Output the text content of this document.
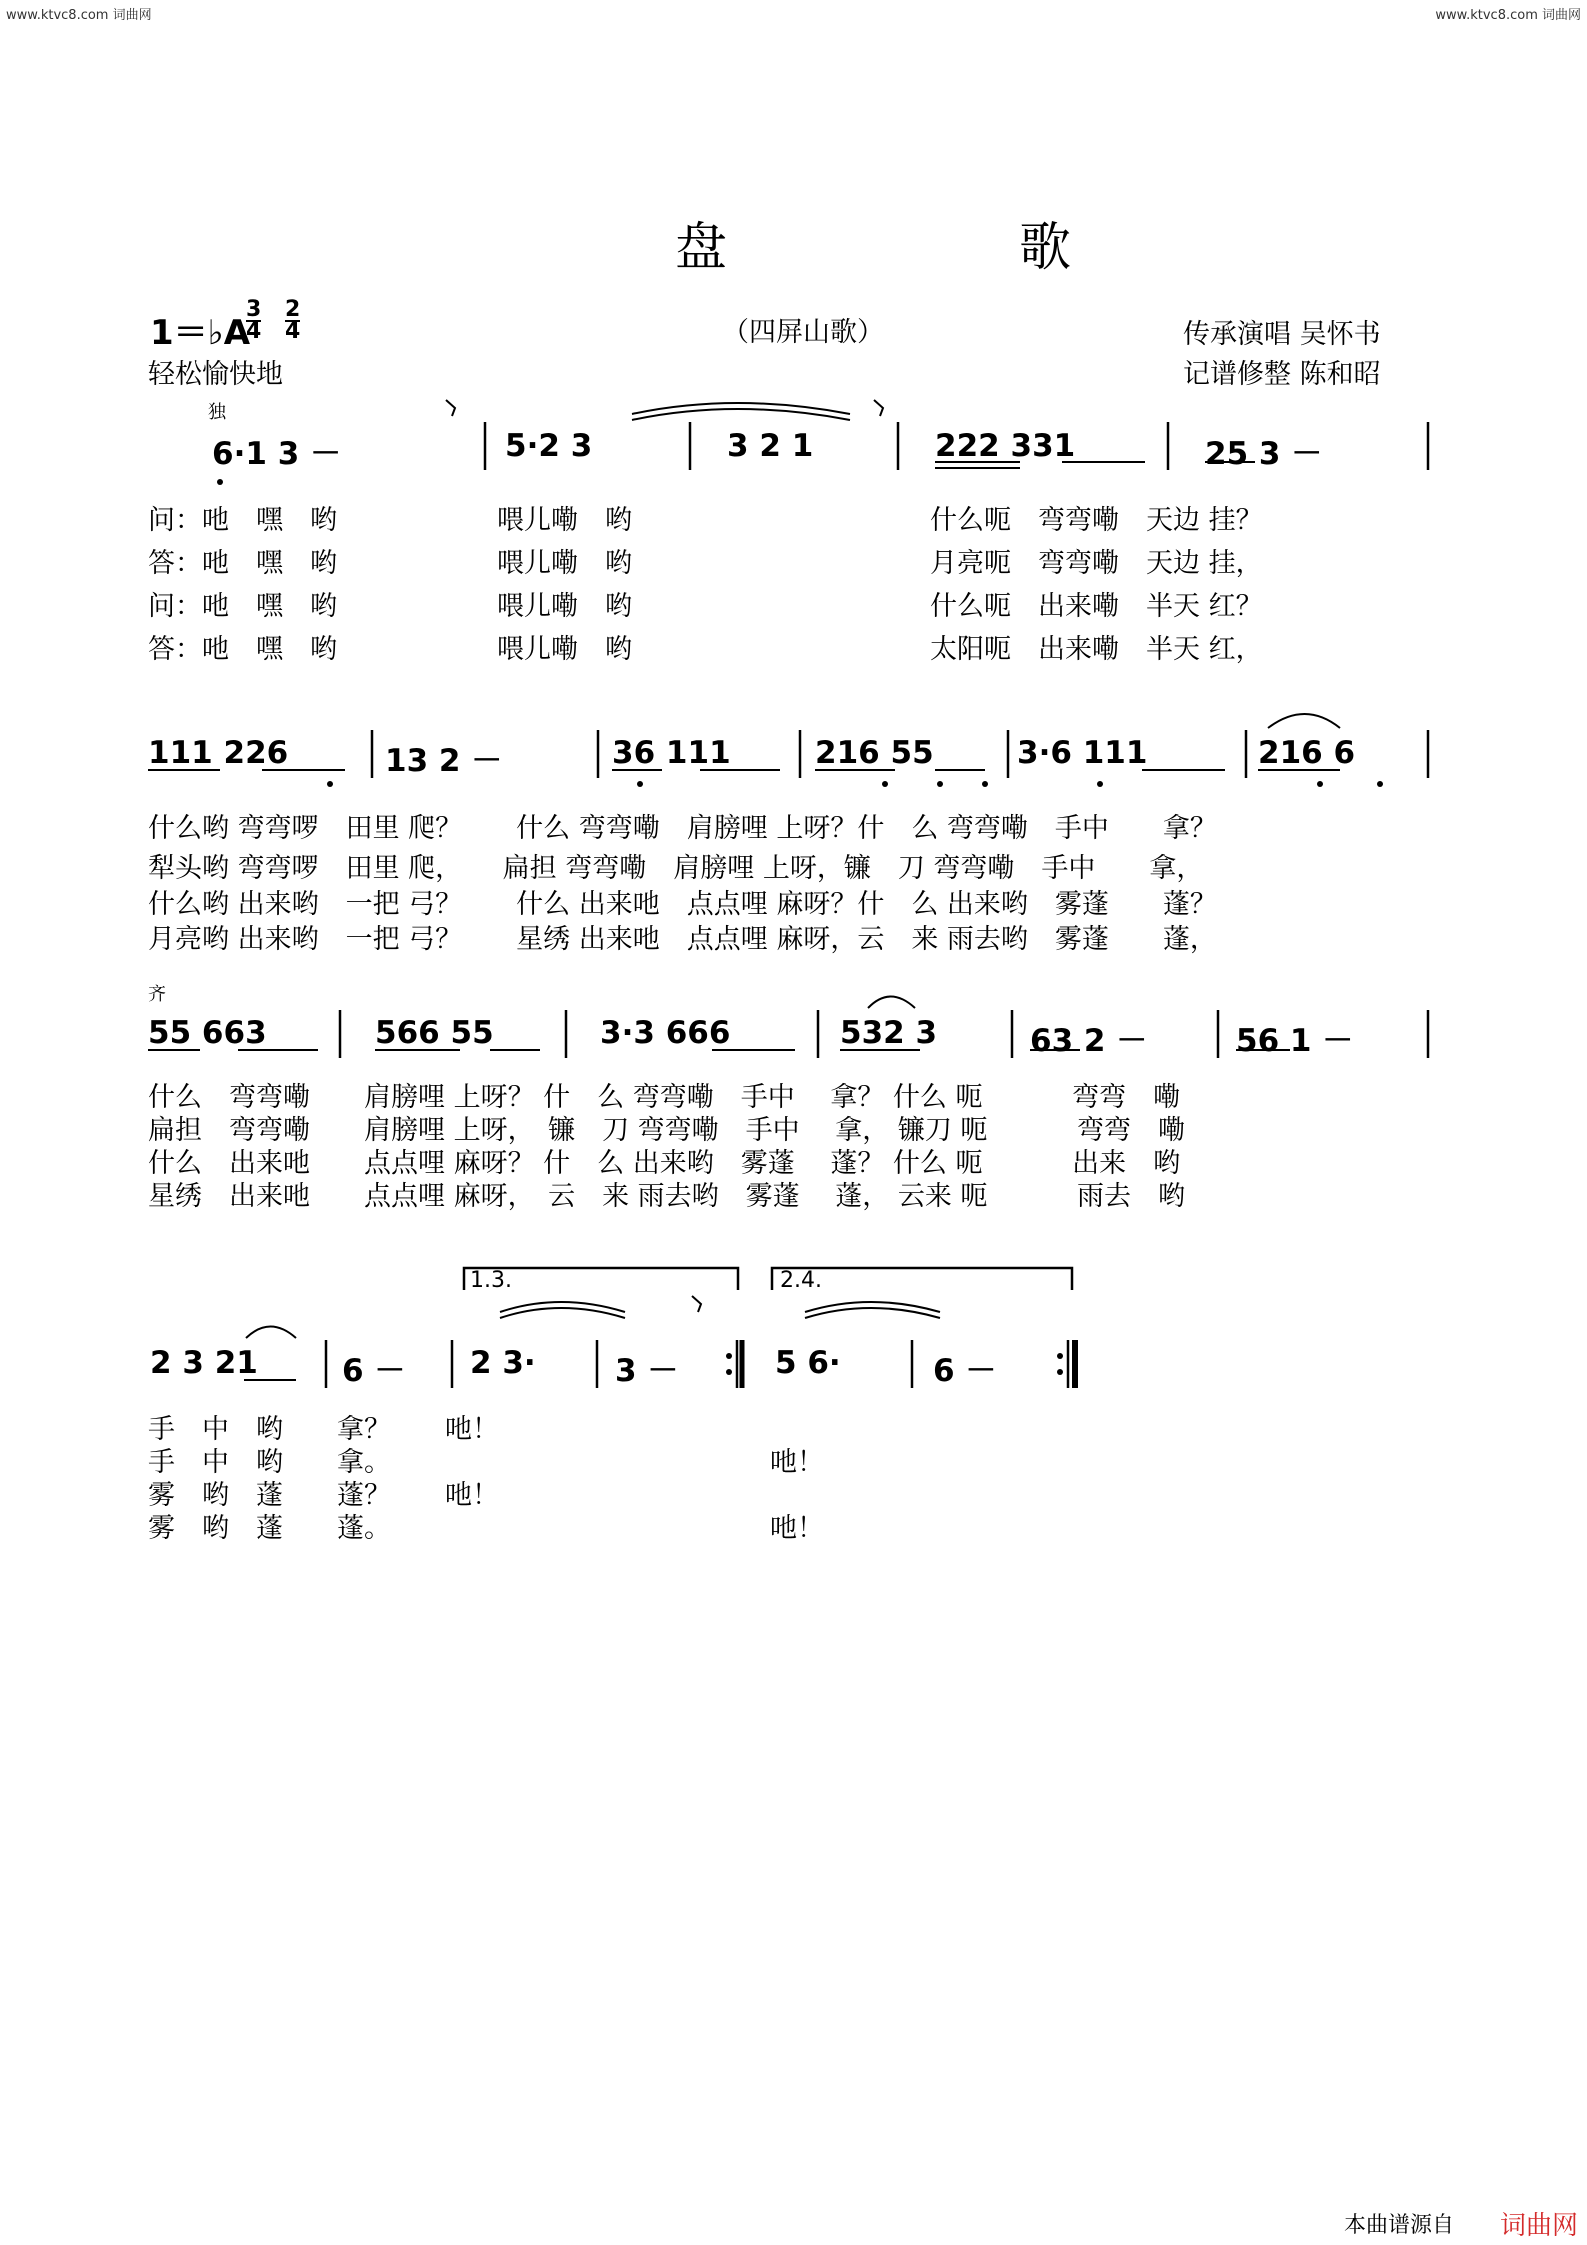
www.ktvc8.com 词曲网	www.ktvc8.com 词曲网
盘　歌
1＝♭A
3
4
2
4	（四屏山歌）	传承演唱 吴怀书
轻松愉快地	记谱修整 陈和昭
独
6·1 3 －	5·2 3	3 2 1	222 331	25 3 －
问：吔　嘿　哟	喂儿嘞　哟	什么呃　弯弯嘞　天边 挂？
答：吔　嘿　哟	喂儿嘞　哟	月亮呃　弯弯嘞　天边 挂，
问：吔　嘿　哟	喂儿嘞　哟	什么呃　出来嘞　半天 红？
答：吔　嘿　哟	喂儿嘞　哟	太阳呃　出来嘞　半天 红，
111 226	13 2 －	36 111	216 55	3·6 111	216 6
什么哟 弯弯啰　田里 爬？　　什么 弯弯嘞　肩膀哩 上呀？什　么 弯弯嘞　手中　　拿？
犁头哟 弯弯啰　田里 爬，　　扁担 弯弯嘞　肩膀哩 上呀，镰　刀 弯弯嘞　手中　　拿，
什么哟 出来哟　一把 弓？　　什么 出来吔　点点哩 麻呀？什　么 出来哟　雾蓬　　蓬？
月亮哟 出来哟　一把 弓？　　星绣 出来吔　点点哩 麻呀，云　来 雨去哟　雾蓬　　蓬，
齐
55 663	566 55	3·3 666	532 3	63 2 －	56 1 －
什么　弯弯嘞　　肩膀哩 上呀？ 什　么 弯弯嘞　手中　 拿？ 什么 呃　　　 弯弯　嘞
扁担　弯弯嘞　　肩膀哩 上呀，　镰　刀 弯弯嘞　手中　 拿， 镰刀 呃　　　 弯弯　嘞
什么　出来吔　　点点哩 麻呀？ 什　么 出来哟　雾蓬　 蓬？ 什么 呃　　　 出来　哟
星绣　出来吔　　点点哩 麻呀，　云　来 雨去哟　雾蓬　 蓬， 云来 呃　　　 雨去　哟
1.3.	2.4.
2 3 21	6 － 2 3·	3 －	5 6·	6 －
手　中　哟　　拿？　　吔！
手　中　哟　　拿。	吔！
雾　哟　蓬　　蓬？　　吔！
雾　哟　蓬　　蓬。	吔！
本曲谱源自 词曲网
